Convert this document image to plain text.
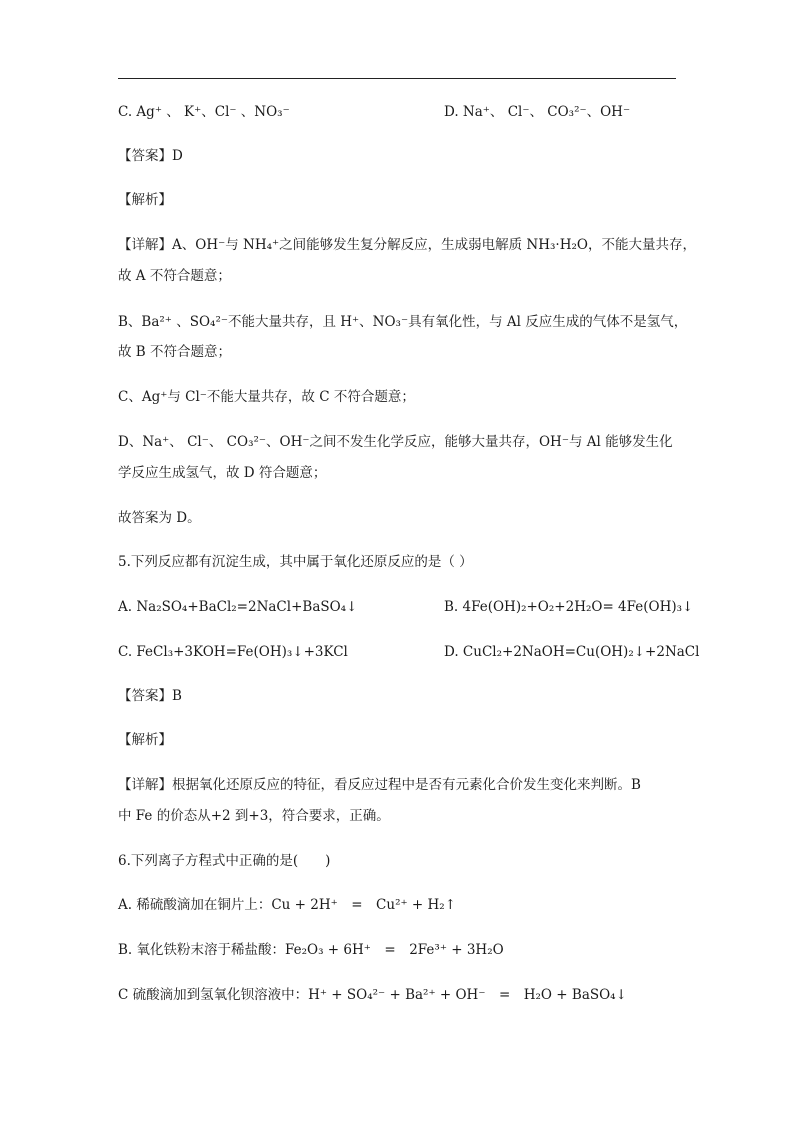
C. Ag⁺ 、 K⁺、Cl⁻ 、NO₃⁻	D. Na⁺、 Cl⁻、 CO₃²⁻、OH⁻
【答案】D
【解析】
【详解】A、OH⁻与 NH₄⁺之间能够发生复分解反应，生成弱电解质 NH₃·H₂O，不能大量共存，
故 A 不符合题意；
B、Ba²⁺ 、SO₄²⁻不能大量共存，且 H⁺、NO₃⁻具有氧化性，与 Al 反应生成的气体不是氢气，
故 B 不符合题意；
C、Ag⁺与 Cl⁻不能大量共存，故 C 不符合题意；
D、Na⁺、 Cl⁻、 CO₃²⁻、OH⁻之间不发生化学反应，能够大量共存，OH⁻与 Al 能够发生化
学反应生成氢气，故 D 符合题意；
故答案为 D。
5.下列反应都有沉淀生成，其中属于氧化还原反应的是（ ）
A. Na₂SO₄+BaCl₂=2NaCl+BaSO₄↓	B. 4Fe(OH)₂+O₂+2H₂O= 4Fe(OH)₃↓
C. FeCl₃+3KOH=Fe(OH)₃↓+3KCl	D. CuCl₂+2NaOH=Cu(OH)₂↓+2NaCl
【答案】B
【解析】
【详解】根据氧化还原反应的特征，看反应过程中是否有元素化合价发生变化来判断。B
中 Fe 的价态从+2 到+3，符合要求，正确。
6.下列离子方程式中正确的是(　　)
A. 稀硫酸滴加在铜片上：Cu + 2H⁺　=　Cu²⁺ + H₂↑
B. 氧化铁粉末溶于稀盐酸：Fe₂O₃ + 6H⁺　=　2Fe³⁺ + 3H₂O
C 硫酸滴加到氢氧化钡溶液中：H⁺ + SO₄²⁻ + Ba²⁺ + OH⁻　=　H₂O + BaSO₄↓
